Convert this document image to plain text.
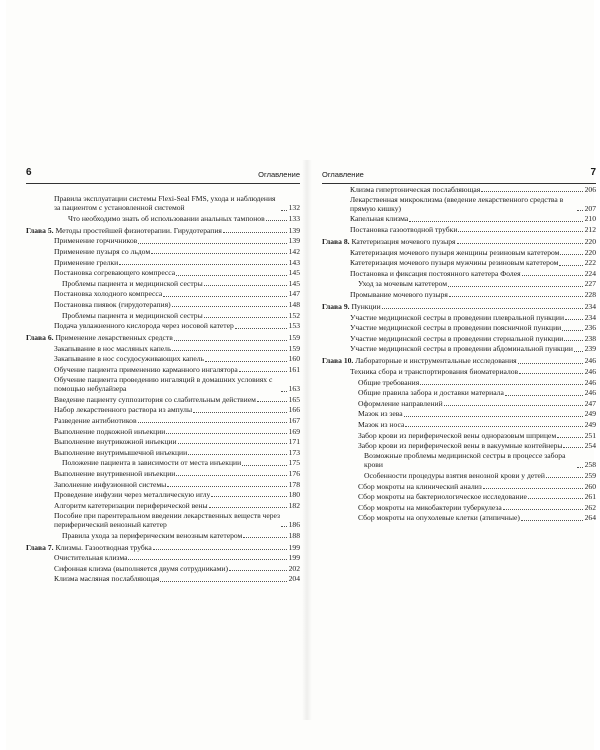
6	Оглавление
Правила эксплуатации системы Flexi-Seal FMS, ухода и наблюдения за пациентом с установленной системой	132
Что необходимо знать об использовании анальных тампонов	133
Глава 5. Методы простейшей физиотерапии. Гирудотерапия	139
Применение горчичников	139
Применение пузыря со льдом	142
Применение грелки	143
Постановка согревающего компресса	145
Проблемы пациента и медицинской сестры	145
Постановка холодного компресса	147
Постановка пиявок (гирудотерапия)	148
Проблемы пациента и медицинской сестры	152
Подача увлажненного кислорода через носовой катетер	153
Глава 6. Применение лекарственных средств	159
Закапывание в нос масляных капель	159
Закапывание в нос сосудосуживающих капель	160
Обучение пациента применению карманного ингалятора	161
Обучение пациента проведению ингаляций в домашних условиях с помощью небулайзера	163
Введение пациенту суппозитория со слабительным действием	165
Набор лекарственного раствора из ампулы	166
Разведение антибиотиков	167
Выполнение подкожной инъекции	169
Выполнение внутрикожной инъекции	171
Выполнение внутримышечной инъекции	173
Положение пациента в зависимости от места инъекции	175
Выполнение внутривенной инъекции	176
Заполнение инфузионной системы	178
Проведение инфузии через металлическую иглу	180
Алгоритм катетеризации периферической вены	182
Пособие при парентеральном введении лекарственных веществ через периферический венозный катетер	186
Правила ухода за периферическим венозным катетером	188
Глава 7. Клизмы. Газоотводная трубка	199
Очистительная клизма	199
Сифонная клизма (выполняется двумя сотрудниками)	202
Клизма масляная послабляющая	204
Оглавление	7
Клизма гипертоническая послабляющая	206
Лекарственная микроклизма (введение лекарственного средства в прямую кишку)	207
Капельная клизма	210
Постановка газоотводной трубки	212
Глава 8. Катетеризация мочевого пузыря	220
Катетеризация мочевого пузыря женщины резиновым катетером	220
Катетеризация мочевого пузыря мужчины резиновым катетером	222
Постановка и фиксация постоянного катетера Фолея	224
Уход за мочевым катетером	227
Промывание мочевого пузыря	228
Глава 9. Пункции	234
Участие медицинской сестры в проведении плевральной пункции	234
Участие медицинской сестры в проведении поясничной пункции	236
Участие медицинской сестры в проведении стернальной пункции	238
Участие медицинской сестры в проведении абдоминальной пункции 239
Глава 10. Лабораторные и инструментальные исследования	246
Техника сбора и транспортирования биоматериалов	246
Общие требования	246
Общие правила забора и доставки материала	246
Оформление направлений	247
Мазок из зева	249
Мазок из носа	249
Забор крови из периферической вены одноразовым шприцем	251
Забор крови из периферической вены в вакуумные контейнеры	254
Возможные проблемы медицинской сестры в процессе забора крови	258
Особенности процедуры взятия венозной крови у детей	259
Сбор мокроты на клинический анализ	260
Сбор мокроты на бактериологическое исследование	261
Сбор мокроты на микобактерии туберкулеза	262
Сбор мокроты на опухолевые клетки (атипичные)	264
